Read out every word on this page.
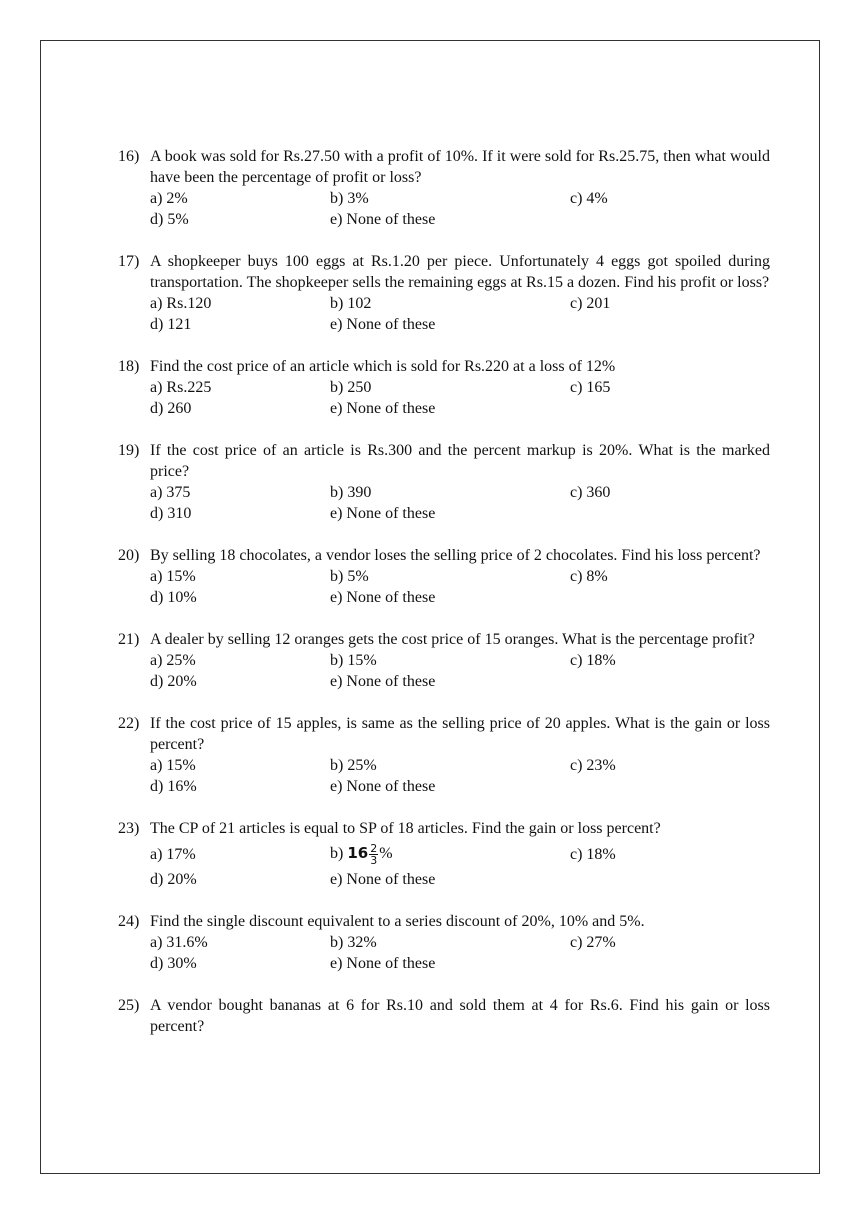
16) A book was sold for Rs.27.50 with a profit of 10%. If it were sold for Rs.25.75, then what would have been the percentage of profit or loss?
a) 2%	b) 3%	c) 4%
d) 5%	e) None of these
17) A shopkeeper buys 100 eggs at Rs.1.20 per piece. Unfortunately 4 eggs got spoiled during transportation. The shopkeeper sells the remaining eggs at Rs.15 a dozen. Find his profit or loss?
a) Rs.120	b) 102	c) 201
d) 121	e) None of these
18) Find the cost price of an article which is sold for Rs.220 at a loss of 12%
a) Rs.225	b) 250	c) 165
d) 260	e) None of these
19) If the cost price of an article is Rs.300 and the percent markup is 20%. What is the marked price?
a) 375	b) 390	c) 360
d) 310	e) None of these
20) By selling 18 chocolates, a vendor loses the selling price of 2 chocolates. Find his loss percent?
a) 15%	b) 5%	c) 8%
d) 10%	e) None of these
21) A dealer by selling 12 oranges gets the cost price of 15 oranges. What is the percentage profit?
a) 25%	b) 15%	c) 18%
d) 20%	e) None of these
22) If the cost price of 15 apples, is same as the selling price of 20 apples. What is the gain or loss percent?
a) 15%	b) 25%	c) 23%
d) 16%	e) None of these
23) The CP of 21 articles is equal to SP of 18 articles. Find the gain or loss percent?
a) 17%	b) $16 \frac{2}{3}$ %	c) 18%
d) 20%	e) None of these
24) Find the single discount equivalent to a series discount of 20%, 10% and 5%.
a) 31.6%	b) 32%	c) 27%
d) 30%	e) None of these
25) A vendor bought bananas at 6 for Rs.10 and sold them at 4 for Rs.6. Find his gain or loss percent?
